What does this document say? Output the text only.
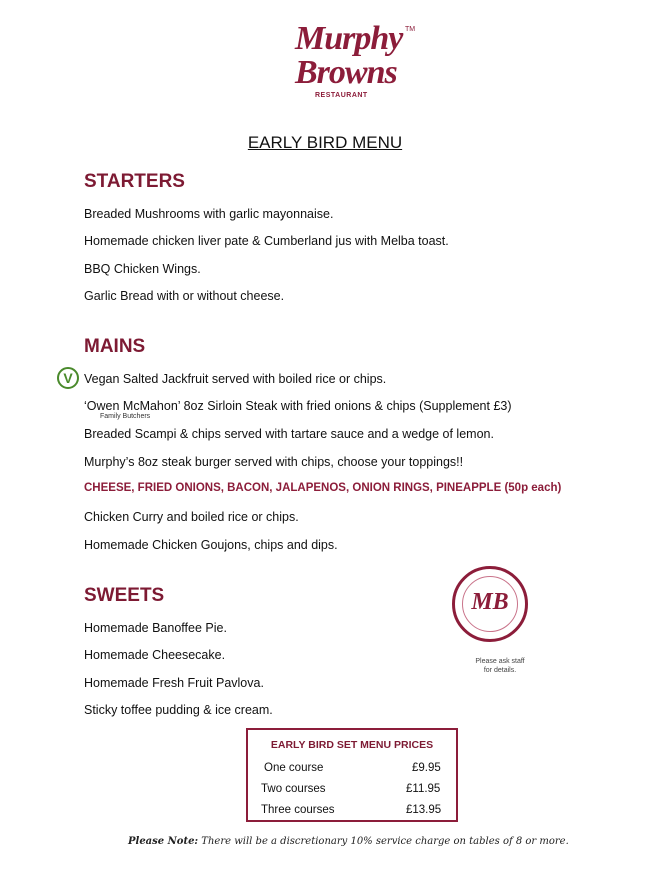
Murphy TM
Browns
RESTAURANT
EARLY BIRD MENU
STARTERS
Breaded Mushrooms with garlic mayonnaise.
Homemade chicken liver pate & Cumberland jus with Melba toast.
BBQ Chicken Wings.
Garlic Bread with or without cheese.
MAINS
V Vegan Salted Jackfruit served with boiled rice or chips.
‘Owen McMahon’ 8oz Sirloin Steak with fried onions & chips (Supplement £3)
Family Butchers
Breaded Scampi & chips served with tartare sauce and a wedge of lemon.
Murphy’s 8oz steak burger served with chips, choose your toppings!!
CHEESE, FRIED ONIONS, BACON, JALAPENOS, ONION RINGS, PINEAPPLE (50p each)
Chicken Curry and boiled rice or chips.
Homemade Chicken Goujons, chips and dips.
SWEETS
Homemade Banoffee Pie.
Homemade Cheesecake.
Homemade Fresh Fruit Pavlova.
Sticky toffee pudding & ice cream.
MB
Please ask staff
for details.
EARLY BIRD SET MENU PRICES
One course	£9.95
Two courses	£11.95
Three courses	£13.95
Please Note: There will be a discretionary 10% service charge on tables of 8 or more.
